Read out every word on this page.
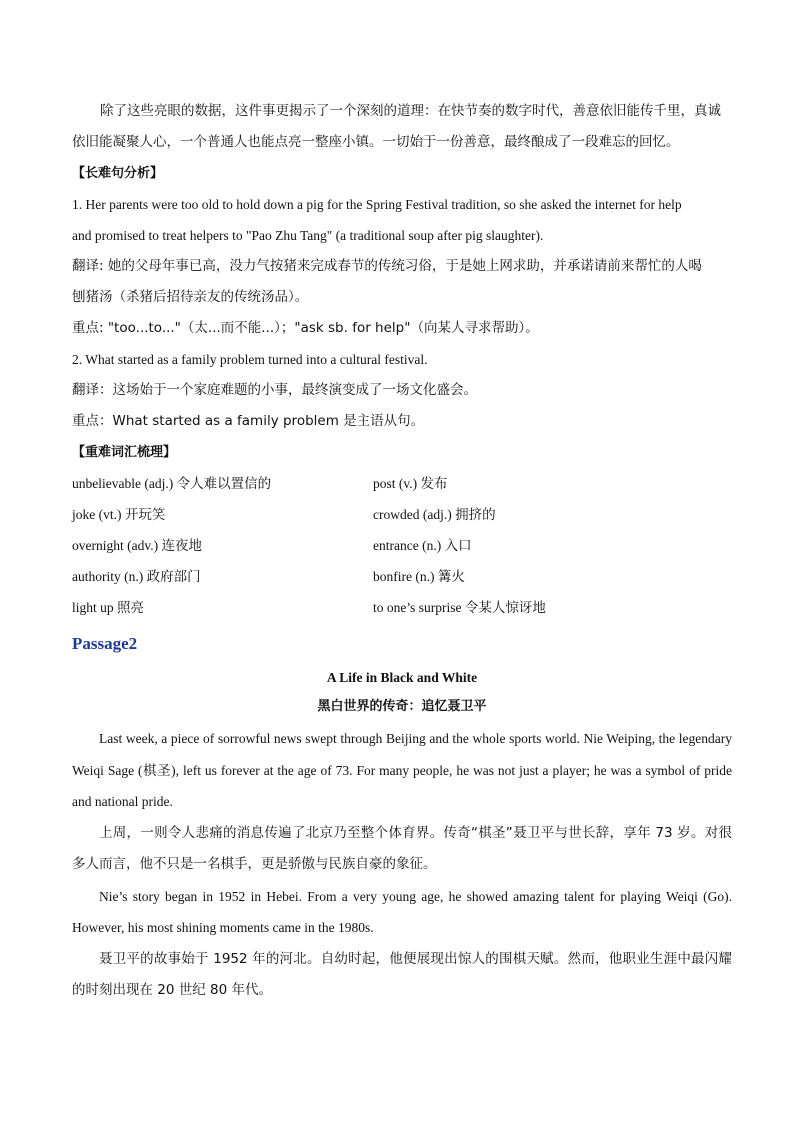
除了这些亮眼的数据，这件事更揭示了一个深刻的道理：在快节奏的数字时代，善意依旧能传千里，真诚依旧能凝聚人心，一个普通人也能点亮一整座小镇。一切始于一份善意，最终酿成了一段难忘的回忆。

【长难句分析】

1. Her parents were too old to hold down a pig for the Spring Festival tradition, so she asked the internet for help

and promised to treat helpers to "Pao Zhu Tang" (a traditional soup after pig slaughter).

翻译: 她的父母年事已高，没力气按猪来完成春节的传统习俗，于是她上网求助，并承诺请前来帮忙的人喝

刨猪汤（杀猪后招待亲友的传统汤品）。

重点: "too...to..."（太...而不能...）；"ask sb. for help"（向某人寻求帮助）。

2. What started as a family problem turned into a cultural festival.

翻译：这场始于一个家庭难题的小事，最终演变成了一场文化盛会。

重点：What started as a family problem 是主语从句。

【重难词汇梳理】

unbelievable (adj.) 令人难以置信的	post (v.) 发布
joke (vt.) 开玩笑	crowded (adj.) 拥挤的
overnight (adv.) 连夜地	entrance (n.) 入口
authority (n.) 政府部门	bonfire (n.) 篝火
light up 照亮	to one’s surprise 令某人惊讶地

Passage2

A Life in Black and White

黑白世界的传奇：追忆聂卫平

Last week, a piece of sorrowful news swept through Beijing and the whole sports world. Nie Weiping, the legendary Weiqi Sage (棋圣), left us forever at the age of 73. For many people, he was not just a player; he was a symbol of pride and national pride.

上周，一则令人悲痛的消息传遍了北京乃至整个体育界。传奇“棋圣”聂卫平与世长辞，享年 73 岁。对很多人而言，他不只是一名棋手，更是骄傲与民族自豪的象征。

Nie’s story began in 1952 in Hebei. From a very young age, he showed amazing talent for playing Weiqi (Go). However, his most shining moments came in the 1980s.

聂卫平的故事始于 1952 年的河北。自幼时起，他便展现出惊人的围棋天赋。然而，他职业生涯中最闪耀的时刻出现在 20 世纪 80 年代。
